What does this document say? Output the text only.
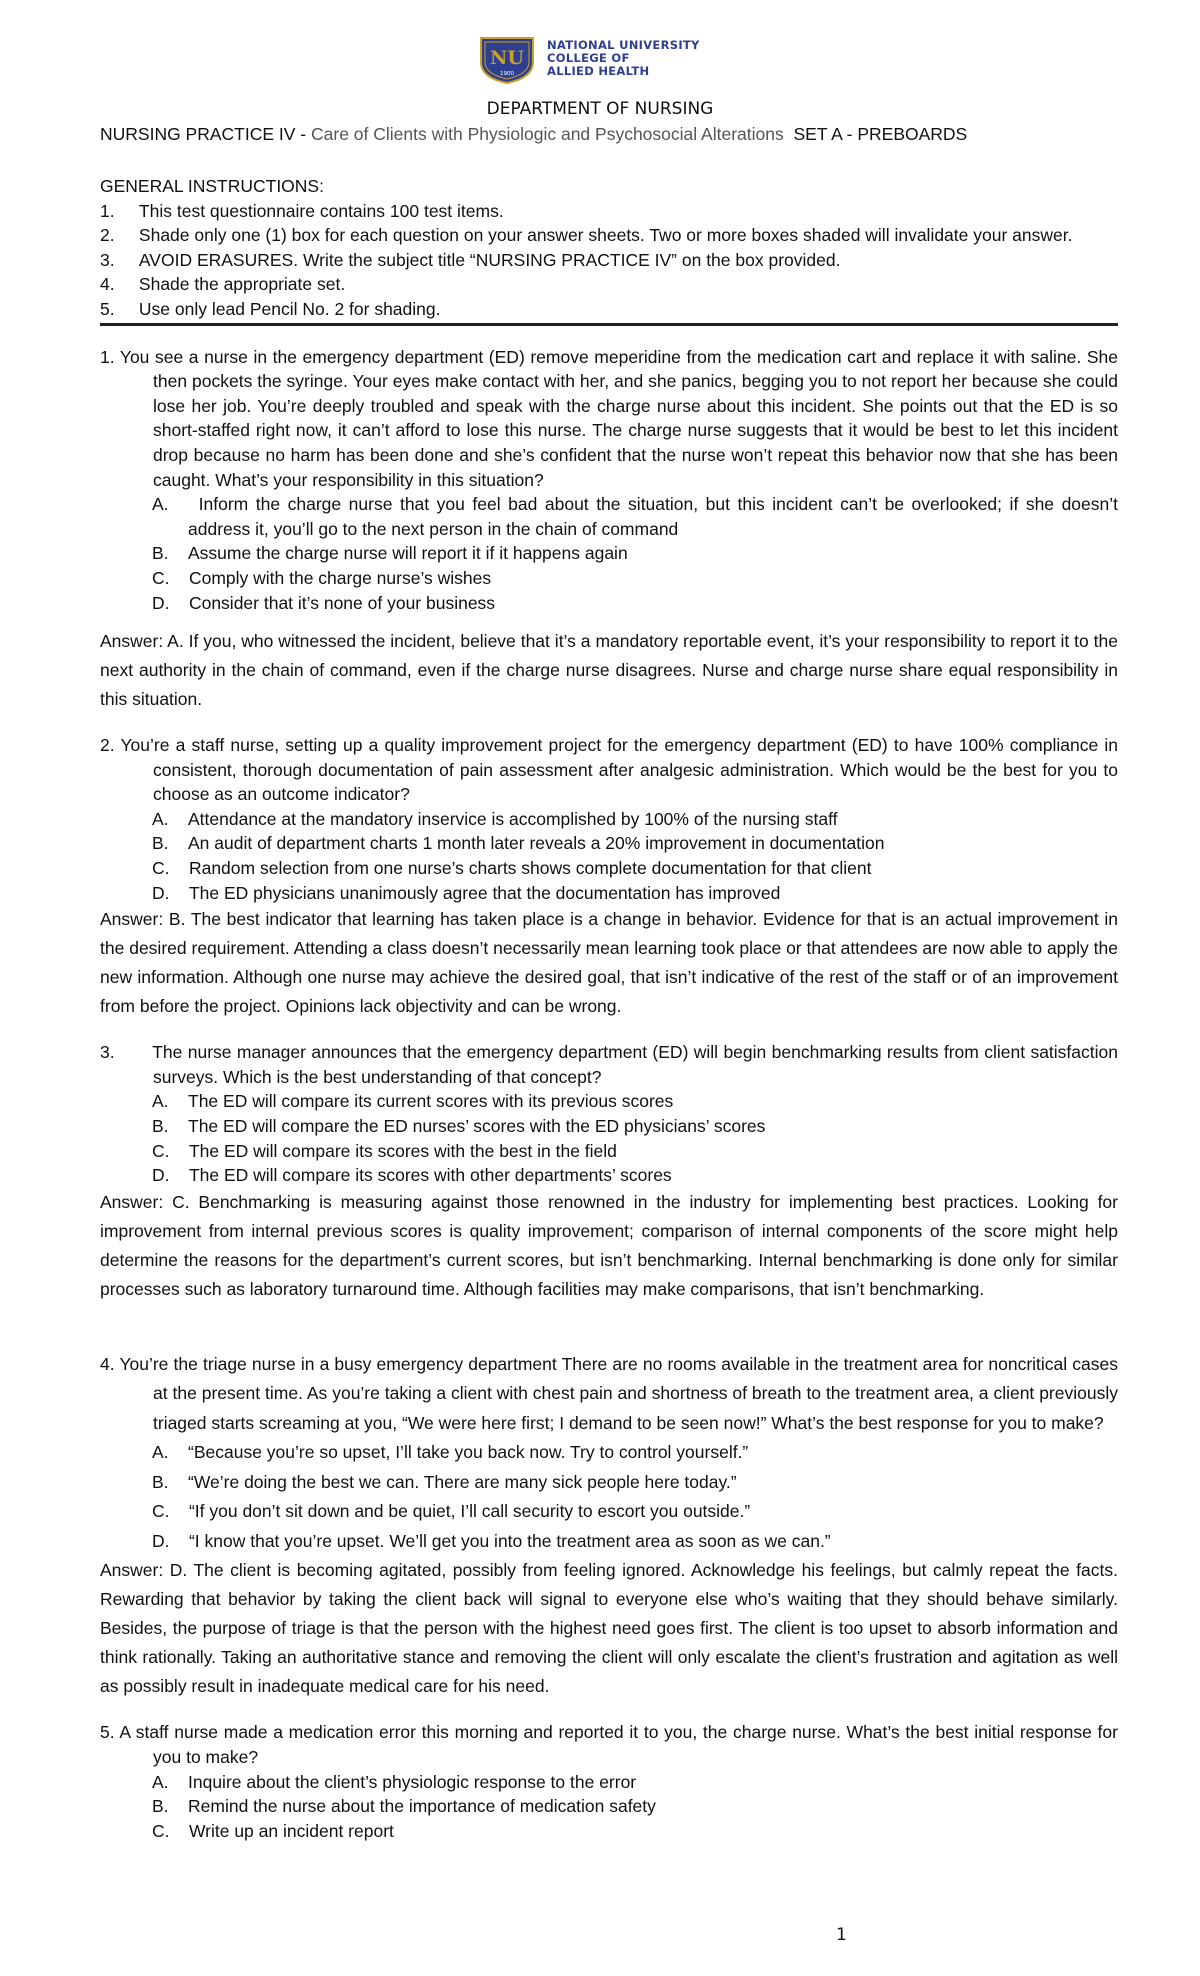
NU
1900
NATIONAL UNIVERSITY
COLLEGE OF
ALLIED HEALTH
DEPARTMENT OF NURSING
NURSING PRACTICE IV - Care of Clients with Physiologic and Psychosocial Alterations SET A - PREBOARDS
GENERAL INSTRUCTIONS:
1. This test questionnaire contains 100 test items.
2. Shade only one (1) box for each question on your answer sheets. Two or more boxes shaded will invalidate your answer.
3. AVOID ERASURES. Write the subject title “NURSING PRACTICE IV” on the box provided.
4. Shade the appropriate set.
5. Use only lead Pencil No. 2 for shading.
1. You see a nurse in the emergency department (ED) remove meperidine from the medication cart and replace it with saline. She then pockets the syringe. Your eyes make contact with her, and she panics, begging you to not report her because she could lose her job. You’re deeply troubled and speak with the charge nurse about this incident. She points out that the ED is so short-staffed right now, it can’t afford to lose this nurse. The charge nurse suggests that it would be best to let this incident drop because no harm has been done and she’s confident that the nurse won’t repeat this behavior now that she has been caught. What’s your responsibility in this situation?
A. Inform the charge nurse that you feel bad about the situation, but this incident can’t be overlooked; if she doesn’t address it, you’ll go to the next person in the chain of command
B. Assume the charge nurse will report it if it happens again
C. Comply with the charge nurse’s wishes
D. Consider that it’s none of your business
Answer: A. If you, who witnessed the incident, believe that it’s a mandatory reportable event, it’s your responsibility to report it to the next authority in the chain of command, even if the charge nurse disagrees. Nurse and charge nurse share equal responsibility in this situation.
2. You’re a staff nurse, setting up a quality improvement project for the emergency department (ED) to have 100% compliance in consistent, thorough documentation of pain assessment after analgesic administration. Which would be the best for you to choose as an outcome indicator?
A. Attendance at the mandatory inservice is accomplished by 100% of the nursing staff
B. An audit of department charts 1 month later reveals a 20% improvement in documentation
C. Random selection from one nurse’s charts shows complete documentation for that client
D. The ED physicians unanimously agree that the documentation has improved
Answer: B. The best indicator that learning has taken place is a change in behavior. Evidence for that is an actual improvement in the desired requirement. Attending a class doesn’t necessarily mean learning took place or that attendees are now able to apply the new information. Although one nurse may achieve the desired goal, that isn’t indicative of the rest of the staff or of an improvement from before the project. Opinions lack objectivity and can be wrong.
3. The nurse manager announces that the emergency department (ED) will begin benchmarking results from client satisfaction surveys. Which is the best understanding of that concept?
A. The ED will compare its current scores with its previous scores
B. The ED will compare the ED nurses’ scores with the ED physicians’ scores
C. The ED will compare its scores with the best in the field
D. The ED will compare its scores with other departments’ scores
Answer: C. Benchmarking is measuring against those renowned in the industry for implementing best practices. Looking for improvement from internal previous scores is quality improvement; comparison of internal components of the score might help determine the reasons for the department’s current scores, but isn’t benchmarking. Internal benchmarking is done only for similar processes such as laboratory turnaround time. Although facilities may make comparisons, that isn’t benchmarking.
4. You’re the triage nurse in a busy emergency department There are no rooms available in the treatment area for noncritical cases at the present time. As you’re taking a client with chest pain and shortness of breath to the treatment area, a client previously triaged starts screaming at you, “We were here first; I demand to be seen now!” What’s the best response for you to make?
A. “Because you’re so upset, I’ll take you back now. Try to control yourself.”
B. “We’re doing the best we can. There are many sick people here today.”
C. “If you don’t sit down and be quiet, I’ll call security to escort you outside.”
D. “I know that you’re upset. We’ll get you into the treatment area as soon as we can.”
Answer: D. The client is becoming agitated, possibly from feeling ignored. Acknowledge his feelings, but calmly repeat the facts. Rewarding that behavior by taking the client back will signal to everyone else who’s waiting that they should behave similarly. Besides, the purpose of triage is that the person with the highest need goes first. The client is too upset to absorb information and think rationally. Taking an authoritative stance and removing the client will only escalate the client’s frustration and agitation as well as possibly result in inadequate medical care for his need.
5. A staff nurse made a medication error this morning and reported it to you, the charge nurse. What’s the best initial response for you to make?
A. Inquire about the client’s physiologic response to the error
B. Remind the nurse about the importance of medication safety
C. Write up an incident report
1
